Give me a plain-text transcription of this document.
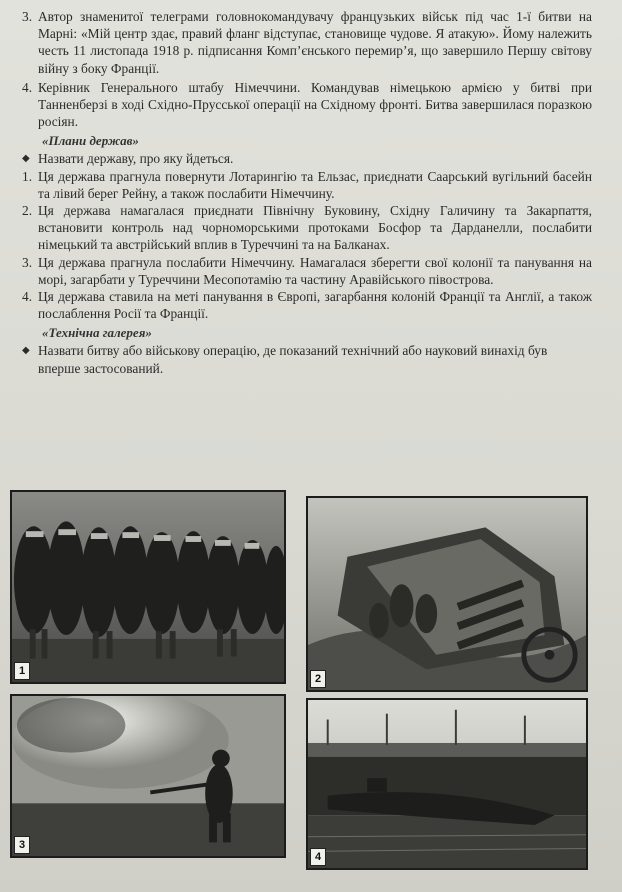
3. Автор знаменитої телеграми головнокомандувачу французьких військ під час 1-ї битви на Марні: «Мій центр здає, правий фланг відступає, становище чудове. Я атакую». Йому належить честь 11 листопада 1918 р. підписання Комп’єнського перемир’я, що завершило Першу світову війну з боку Франції.
4. Керівник Генерального штабу Німеччини. Командував німецькою армією у битві при Танненберзі в ході Східно-Прусської операції на Східному фронті. Битва завершилася поразкою росіян.
«Плани держав»
◆ Назвати державу, про яку йдеться.
1. Ця держава прагнула повернути Лотарингію та Ельзас, приєднати Саарський вугільний басейн та лівий берег Рейну, а також послабити Німеччину.
2. Ця держава намагалася приєднати Північну Буковину, Східну Галичину та Закарпаття, встановити контроль над чорноморськими протоками Босфор та Дарданелли, послабити німецький та австрійський вплив в Туреччині та на Балканах.
3. Ця держава прагнула послабити Німеччину. Намагалася зберегти свої колонії та панування на морі, загарбати у Туреччини Месопотамію та частину Аравійського півострова.
4. Ця держава ставила на меті панування в Європі, загарбання колоній Франції та Англії, а також послаблення Росії та Франції.
«Технічна галерея»
◆ Назвати битву або військову операцію, де показаний технічний або науковий винахід був вперше застосований.
1
2
3
4
